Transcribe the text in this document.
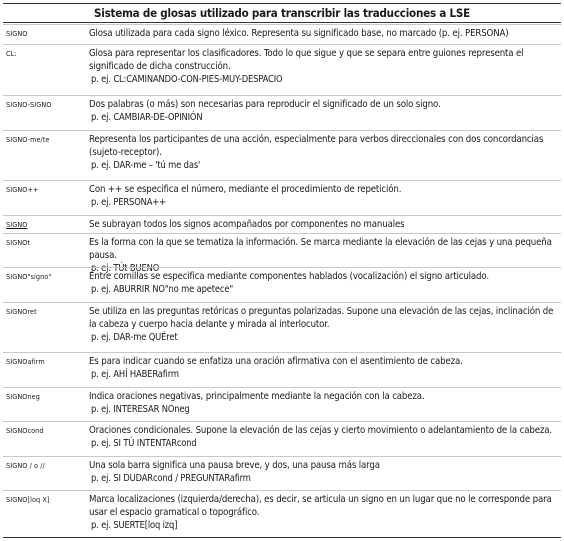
Sistema de glosas utilizado para transcribir las traducciones a LSE
SIGNO	Glosa utilizada para cada signo léxico. Representa su significado base, no marcado (p. ej. PERSONA)
CL:	Glosa para representar los clasificadores. Todo lo que sigue y que se separa entre guiones representa el significado de dicha construcción.
p. ej. CL:CAMINANDO-CON-PIES-MUY-DESPACIO
SIGNO-SIGNO	Dos palabras (o más) son necesarias para reproducir el significado de un solo signo.
p. ej. CAMBIAR-DE-OPINIÓN
SIGNO-me/te	Representa los participantes de una acción, especialmente para verbos direccionales con dos concordancias (sujeto-receptor).
p. ej. DAR-me – 'tú me das'
SIGNO++	Con ++ se especifica el número, mediante el procedimiento de repetición.
p. ej. PERSONA++
SIGNO	Se subrayan todos los signos acompañados por componentes no manuales
SIGNOt	Es la forma con la que se tematiza la información. Se marca mediante la elevación de las cejas y una pequeña pausa.
p. ej. TÚt BUENO
SIGNO"signo"	Entre comillas se especifica mediante componentes hablados (vocalización) el signo articulado.
p. ej. ABURRIR NO"no me apetece"
SIGNOret	Se utiliza en las preguntas retóricas o preguntas polarizadas. Supone una elevación de las cejas, inclinación de la cabeza y cuerpo hacia delante y mirada al interlocutor.
p. ej. DAR-me QUÉret
SIGNOafirm	Es para indicar cuando se enfatiza una oración afirmativa con el asentimiento de cabeza.
p. ej. AHÍ HABERafirm
SIGNOneg	Indica oraciones negativas, principalmente mediante la negación con la cabeza.
p. ej. INTERESAR NOneg
SIGNOcond	Oraciones condicionales. Supone la elevación de las cejas y cierto movimiento o adelantamiento de la cabeza.
p. ej. SI TÚ INTENTARcond
SIGNO / o //	Una sola barra significa una pausa breve, y dos, una pausa más larga
p. ej. SI DUDARcond / PREGUNTARafirm
SIGNO[loq X]	Marca localizaciones (izquierda/derecha), es decir, se articula un signo en un lugar que no le corresponde para usar el espacio gramatical o topográfico.
p. ej. SUERTE[loq izq]
